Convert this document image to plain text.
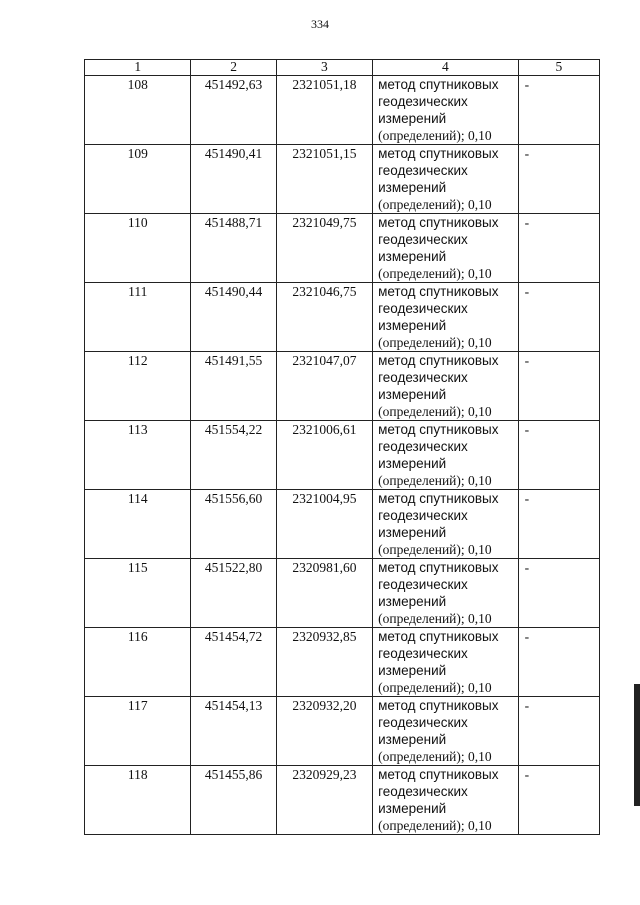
334
1	2	3	4	5
108	451492,63	2321051,18	метод спутниковых
геодезических
измерений
(определений); 0,10	-
109	451490,41	2321051,15	метод спутниковых
геодезических
измерений
(определений); 0,10	-
110	451488,71	2321049,75	метод спутниковых
геодезических
измерений
(определений); 0,10	-
111	451490,44	2321046,75	метод спутниковых
геодезических
измерений
(определений); 0,10	-
112	451491,55	2321047,07	метод спутниковых
геодезических
измерений
(определений); 0,10	-
113	451554,22	2321006,61	метод спутниковых
геодезических
измерений
(определений); 0,10	-
114	451556,60	2321004,95	метод спутниковых
геодезических
измерений
(определений); 0,10	-
115	451522,80	2320981,60	метод спутниковых
геодезических
измерений
(определений); 0,10	-
116	451454,72	2320932,85	метод спутниковых
геодезических
измерений
(определений); 0,10	-
117	451454,13	2320932,20	метод спутниковых
геодезических
измерений
(определений); 0,10	-
118	451455,86	2320929,23	метод спутниковых
геодезических
измерений
(определений); 0,10	-
